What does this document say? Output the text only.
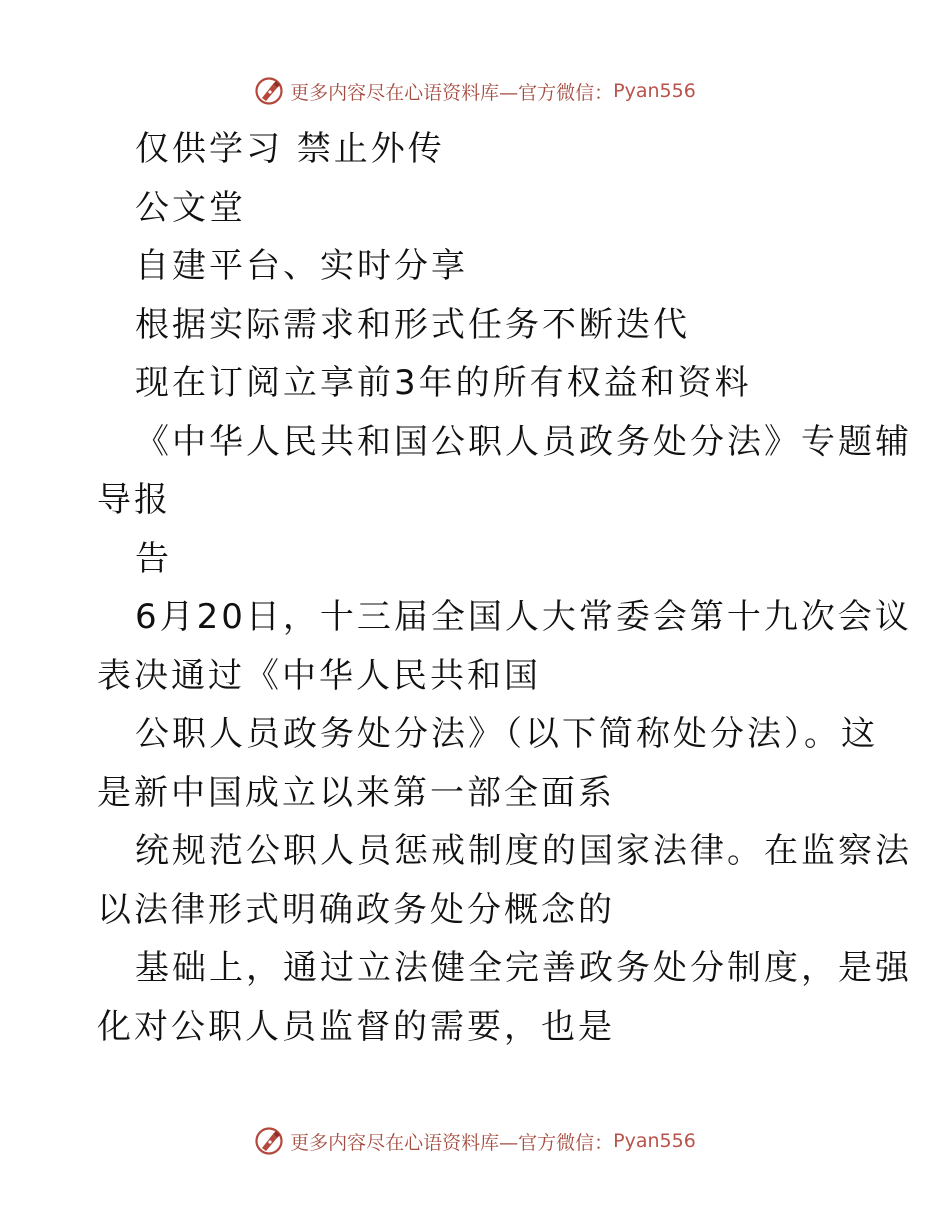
更多内容尽在心语资料库—官方微信： Pyan556
仅供学习 禁止外传
公文堂
自建平台、实时分享
根据实际需求和形式任务不断迭代
现在订阅立享前3年的所有权益和资料
《中华人民共和国公职人员政务处分法》专题辅
导报
告
6月20日，十三届全国人大常委会第十九次会议
表决通过《中华人民共和国
公职人员政务处分法》（以下简称处分法）。这
是新中国成立以来第一部全面系
统规范公职人员惩戒制度的国家法律。在监察法
以法律形式明确政务处分概念的
基础上，通过立法健全完善政务处分制度，是强
化对公职人员监督的需要，也是
更多内容尽在心语资料库—官方微信： Pyan556
